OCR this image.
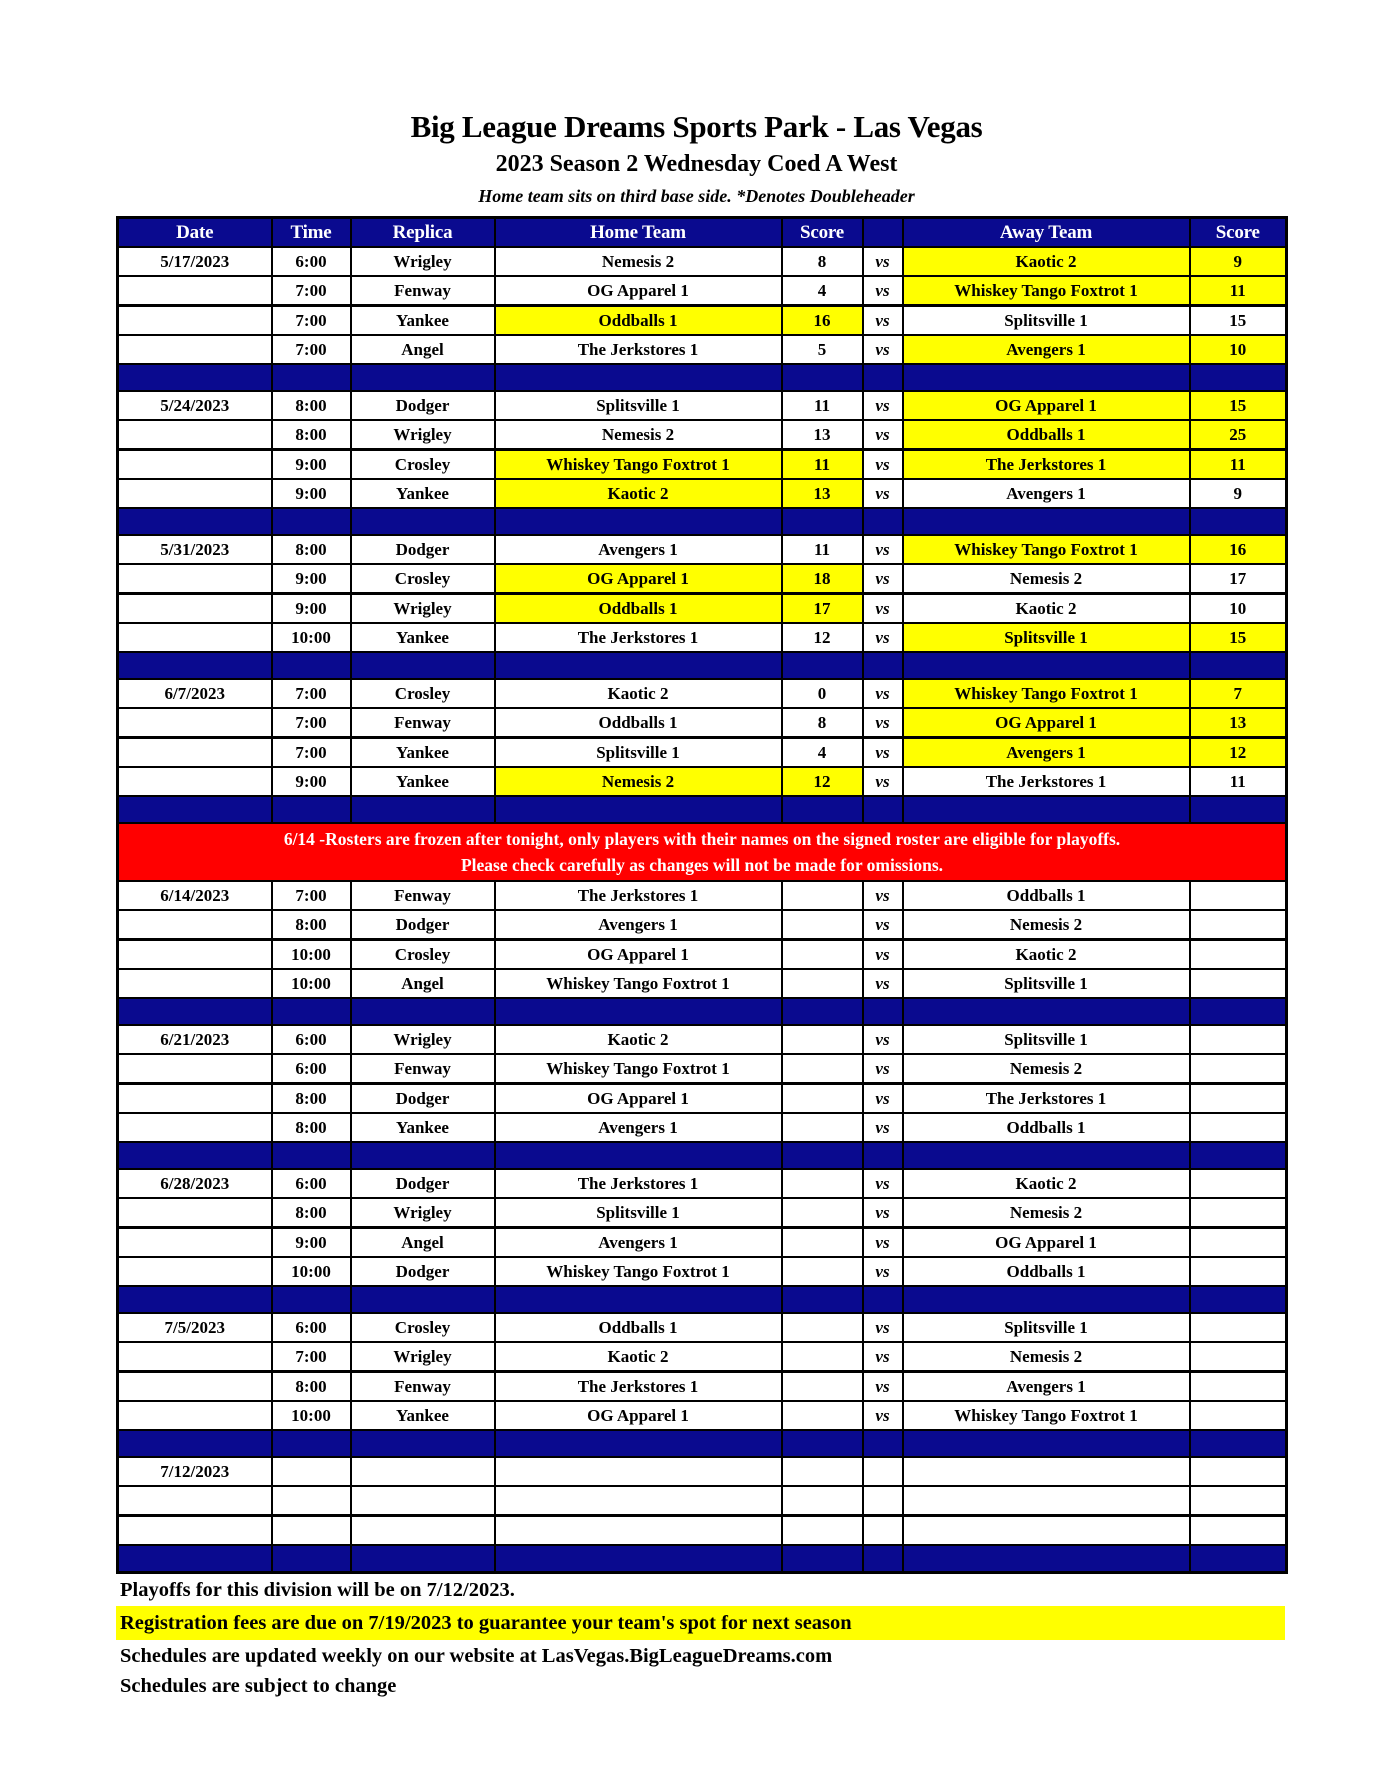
Big League Dreams Sports Park - Las Vegas
2023 Season 2 Wednesday Coed A West
Home team sits on third base side. *Denotes Doubleheader
Date	Time	Replica	Home Team	Score		Away Team	Score
5/17/2023	6:00	Wrigley	Nemesis 2	8	vs	Kaotic 2	9
	7:00	Fenway	OG Apparel 1	4	vs	Whiskey Tango Foxtrot 1	11
	7:00	Yankee	Oddballs 1	16	vs	Splitsville 1	15
	7:00	Angel	The Jerkstores 1	5	vs	Avengers 1	10

5/24/2023	8:00	Dodger	Splitsville 1	11	vs	OG Apparel 1	15
	8:00	Wrigley	Nemesis 2	13	vs	Oddballs 1	25
	9:00	Crosley	Whiskey Tango Foxtrot 1	11	vs	The Jerkstores 1	11
	9:00	Yankee	Kaotic 2	13	vs	Avengers 1	9

5/31/2023	8:00	Dodger	Avengers 1	11	vs	Whiskey Tango Foxtrot 1	16
	9:00	Crosley	OG Apparel 1	18	vs	Nemesis 2	17
	9:00	Wrigley	Oddballs 1	17	vs	Kaotic 2	10
	10:00	Yankee	The Jerkstores 1	12	vs	Splitsville 1	15

6/7/2023	7:00	Crosley	Kaotic 2	0	vs	Whiskey Tango Foxtrot 1	7
	7:00	Fenway	Oddballs 1	8	vs	OG Apparel 1	13
	7:00	Yankee	Splitsville 1	4	vs	Avengers 1	12
	9:00	Yankee	Nemesis 2	12	vs	The Jerkstores 1	11

6/14 -Rosters are frozen after tonight, only players with their names on the signed roster are eligible for playoffs.
Please check carefully as changes will not be made for omissions.							

6/14/2023	7:00	Fenway	The Jerkstores 1		vs	Oddballs 1	
	8:00	Dodger	Avengers 1		vs	Nemesis 2	
	10:00	Crosley	OG Apparel 1		vs	Kaotic 2	
	10:00	Angel	Whiskey Tango Foxtrot 1		vs	Splitsville 1	

6/21/2023	6:00	Wrigley	Kaotic 2		vs	Splitsville 1	
	6:00	Fenway	Whiskey Tango Foxtrot 1		vs	Nemesis 2	
	8:00	Dodger	OG Apparel 1		vs	The Jerkstores 1	
	8:00	Yankee	Avengers 1		vs	Oddballs 1	

6/28/2023	6:00	Dodger	The Jerkstores 1		vs	Kaotic 2	
	8:00	Wrigley	Splitsville 1		vs	Nemesis 2	
	9:00	Angel	Avengers 1		vs	OG Apparel 1	
	10:00	Dodger	Whiskey Tango Foxtrot 1		vs	Oddballs 1	

7/5/2023	6:00	Crosley	Oddballs 1		vs	Splitsville 1	
	7:00	Wrigley	Kaotic 2		vs	Nemesis 2	
	8:00	Fenway	The Jerkstores 1		vs	Avengers 1	
	10:00	Yankee	OG Apparel 1		vs	Whiskey Tango Foxtrot 1	

7/12/2023							

Playoffs for this division will be on 7/12/2023.
Registration fees are due on 7/19/2023 to guarantee your team's spot for next season
Schedules are updated weekly on our website at LasVegas.BigLeagueDreams.com
Schedules are subject to change
